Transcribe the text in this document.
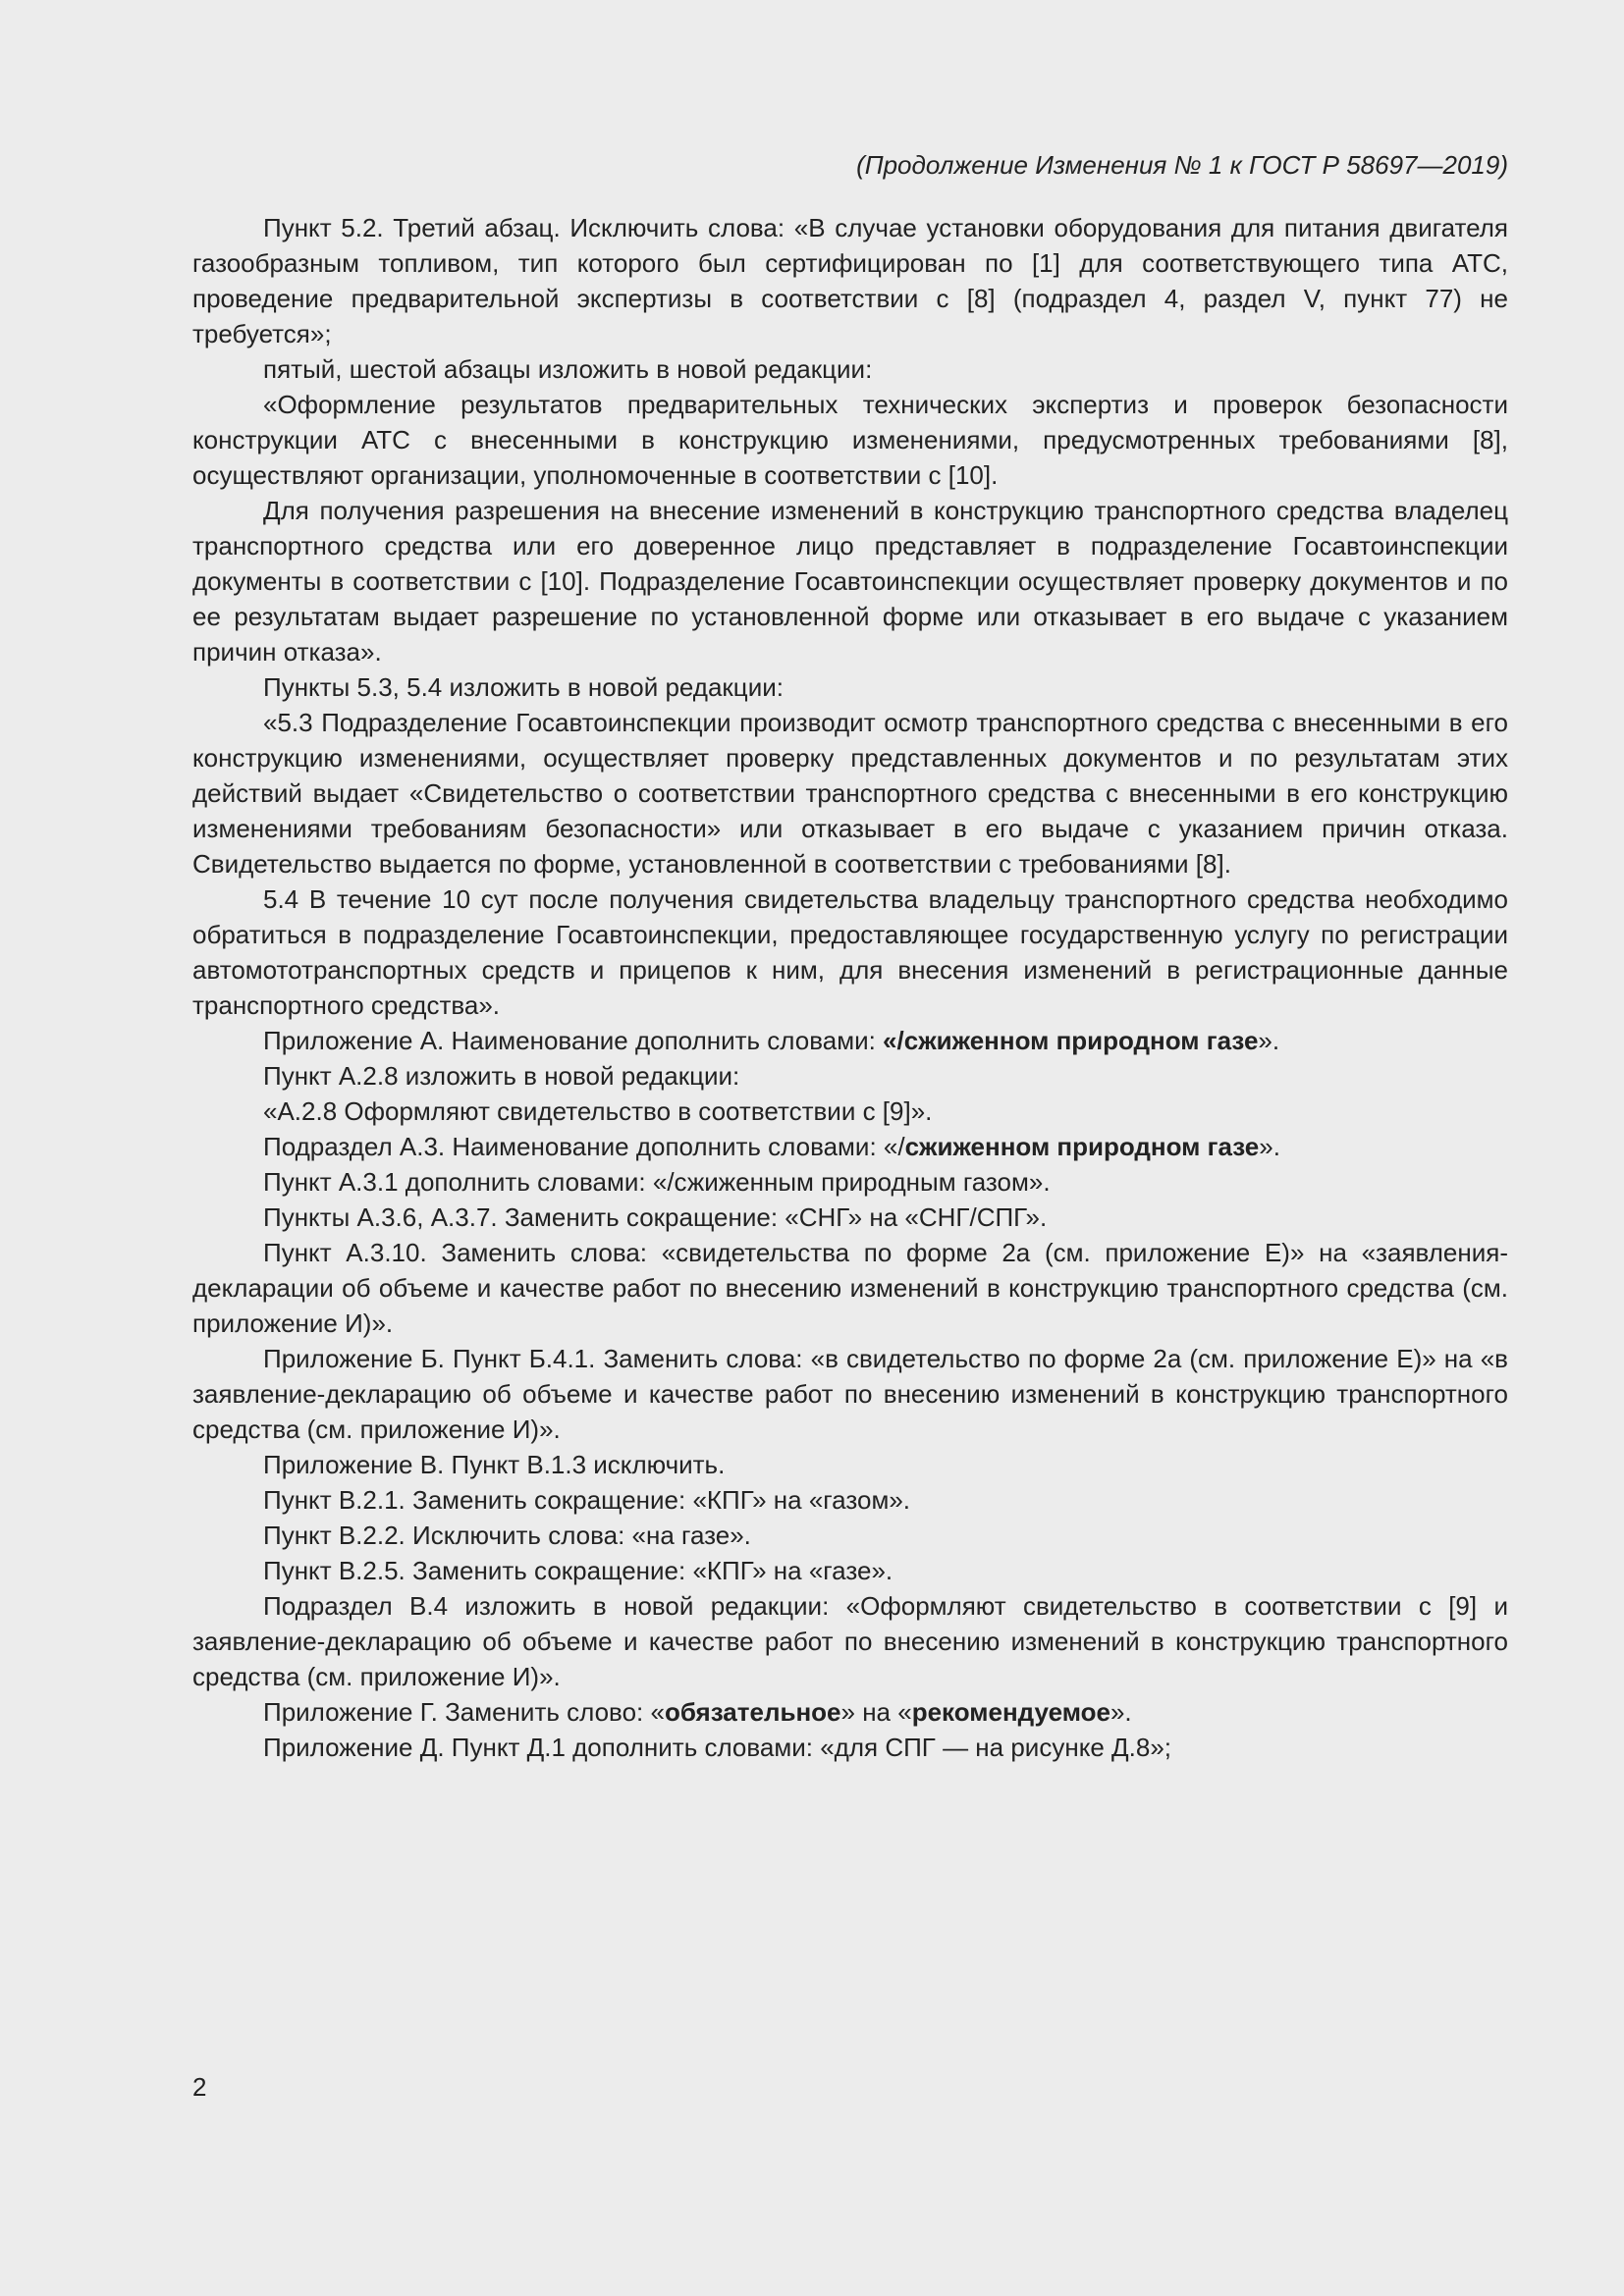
(Продолжение Изменения № 1 к ГОСТ Р 58697—2019)

Пункт 5.2. Третий абзац. Исключить слова: «В случае установки оборудования для питания двигателя газообразным топливом, тип которого был сертифицирован по [1] для соответствующего типа АТС, проведение предварительной экспертизы в соответствии с [8] (подраздел 4, раздел V, пункт 77) не требуется»;

пятый, шестой абзацы изложить в новой редакции:

«Оформление результатов предварительных технических экспертиз и проверок безопасности конструкции АТС с внесенными в конструкцию изменениями, предусмотренных требованиями [8], осуществляют организации, уполномоченные в соответствии с [10].

Для получения разрешения на внесение изменений в конструкцию транспортного средства владелец транспортного средства или его доверенное лицо представляет в подразделение Госавтоинспекции документы в соответствии с [10]. Подразделение Госавтоинспекции осуществляет проверку документов и по ее результатам выдает разрешение по установленной форме или отказывает в его выдаче с указанием причин отказа».

Пункты 5.3, 5.4 изложить в новой редакции:

«5.3 Подразделение Госавтоинспекции производит осмотр транспортного средства с внесенными в его конструкцию изменениями, осуществляет проверку представленных документов и по результатам этих действий выдает «Свидетельство о соответствии транспортного средства с внесенными в его конструкцию изменениями требованиям безопасности» или отказывает в его выдаче с указанием причин отказа. Свидетельство выдается по форме, установленной в соответствии с требованиями [8].

5.4 В течение 10 сут после получения свидетельства владельцу транспортного средства необходимо обратиться в подразделение Госавтоинспекции, предоставляющее государственную услугу по регистрации автомототранспортных средств и прицепов к ним, для внесения изменений в регистрационные данные транспортного средства».

Приложение А. Наименование дополнить словами: «/сжиженном природном газе».

Пункт А.2.8 изложить в новой редакции:

«А.2.8 Оформляют свидетельство в соответствии с [9]».

Подраздел А.3. Наименование дополнить словами: «/сжиженном природном газе».

Пункт А.3.1 дополнить словами: «/сжиженным природным газом».

Пункты А.3.6, А.3.7. Заменить сокращение: «СНГ» на «СНГ/СПГ».

Пункт А.3.10. Заменить слова: «свидетельства по форме 2а (см. приложение Е)» на «заявления-декларации об объеме и качестве работ по внесению изменений в конструкцию транспортного средства (см. приложение И)».

Приложение Б. Пункт Б.4.1. Заменить слова: «в свидетельство по форме 2а (см. приложение Е)» на «в заявление-декларацию об объеме и качестве работ по внесению изменений в конструкцию транспортного средства (см. приложение И)».

Приложение В. Пункт В.1.3 исключить.

Пункт В.2.1. Заменить сокращение: «КПГ» на «газом».

Пункт В.2.2. Исключить слова: «на газе».

Пункт В.2.5. Заменить сокращение: «КПГ» на «газе».

Подраздел В.4 изложить в новой редакции: «Оформляют свидетельство в соответствии с [9] и заявление-декларацию об объеме и качестве работ по внесению изменений в конструкцию транспортного средства (см. приложение И)».

Приложение Г. Заменить слово: «обязательное» на «рекомендуемое».

Приложение Д. Пункт Д.1 дополнить словами: «для СПГ — на рисунке Д.8»;

2
